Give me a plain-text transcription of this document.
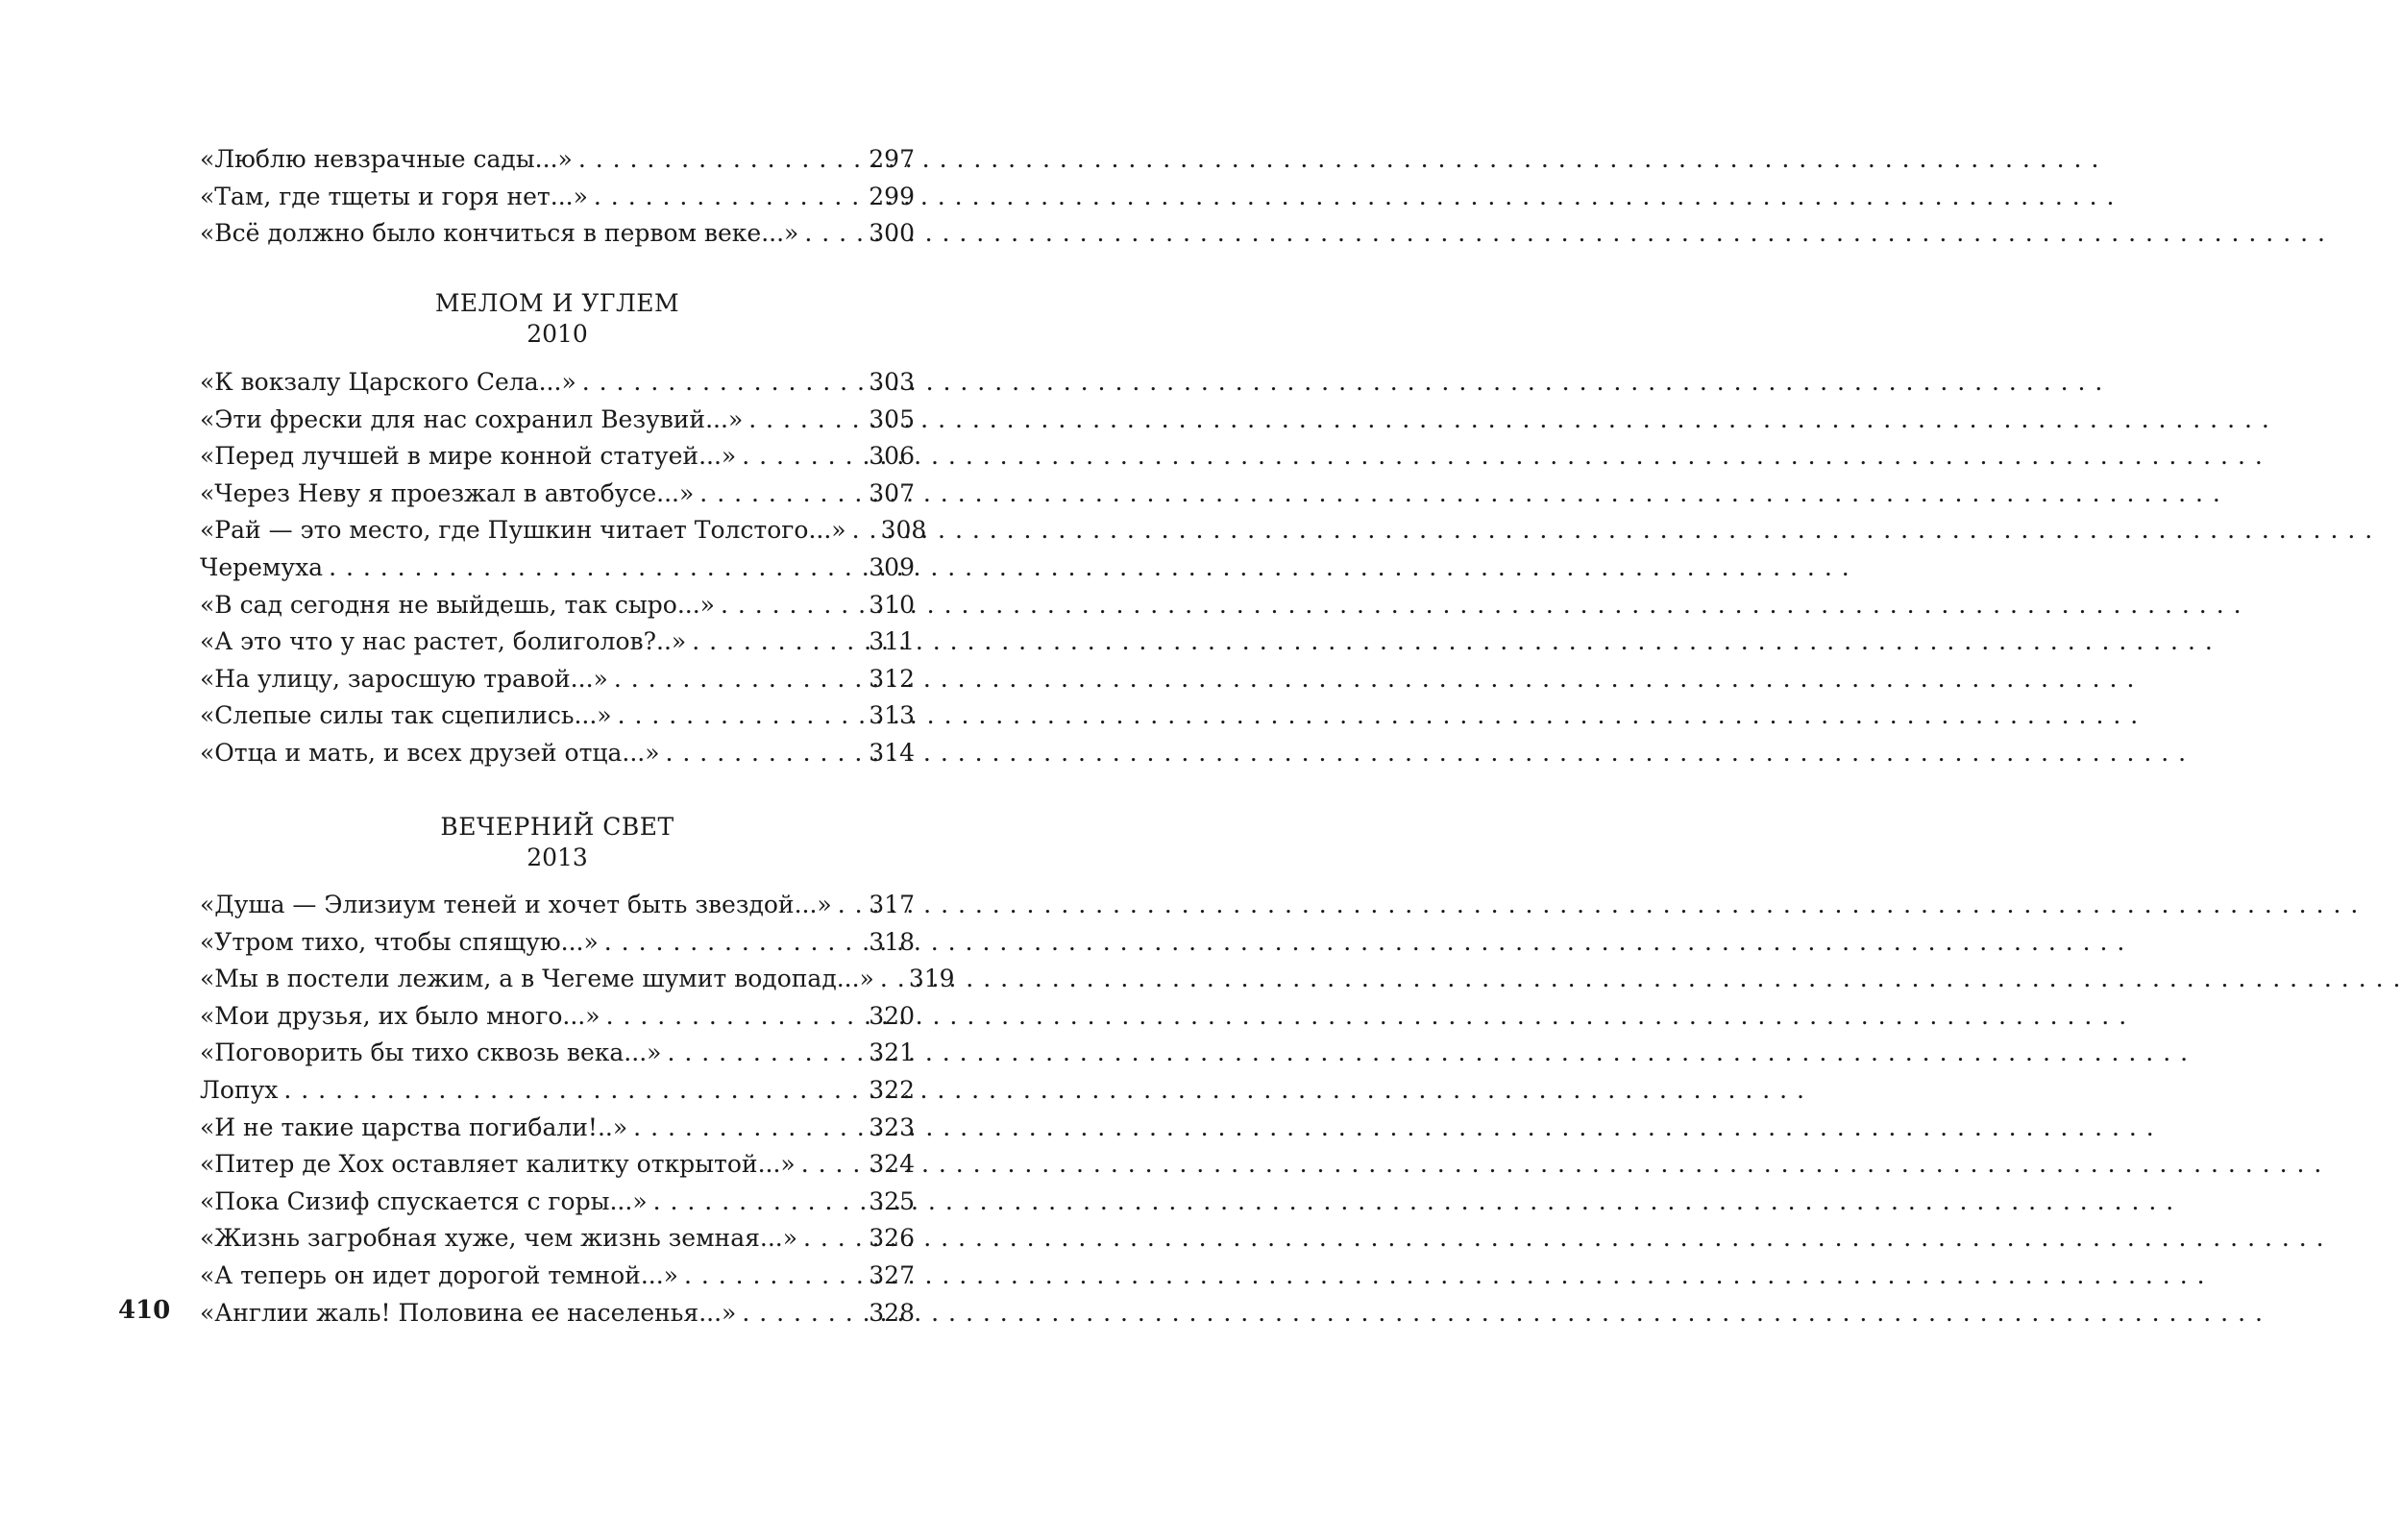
«Люблю невзрачные сады...» . . .	297
«Там, где тщеты и горя нет...» . . .	299
«Всё должно было кончиться в первом веке...» . . .	300
МЕЛОМ И УГЛЕМ
2010
«К вокзалу Царского Села...» . . .	303
«Эти фрески для нас сохранил Везувий...» . . .	305
«Перед лучшей в мире конной статуей...» . . .	306
«Через Неву я проезжал в автобусе...» . . .	307
«Рай — это место, где Пушкин читает Толстого...» . . . 308
Черемуха . . .	309
«В сад сегодня не выйдешь, так сыро...» . . .	310
«А это что у нас растет, болиголов?..» . . .	311
«На улицу, заросшую травой...» . . .	312
«Слепые силы так сцепились...» . . .	313
«Отца и мать, и всех друзей отца...» . . .	314
ВЕЧЕРНИЙ СВЕТ
2013
«Душа — Элизиум теней и хочет быть звездой...» . . . 317
«Утром тихо, чтобы спящую...» . . .	318
«Мы в постели лежим, а в Чегеме шумит водопад...» . . . 319
«Мои друзья, их было много...» . . .	320
«Поговорить бы тихо сквозь века...» . . .	321
Лопух . . .	322
«И не такие царства погибали!..» . . .	323
«Питер де Хох оставляет калитку открытой...» . . .	324
«Пока Сизиф спускается с горы...» . . .	325
«Жизнь загробная хуже, чем жизнь земная...» . . .	326
«А теперь он идет дорогой темной...» . . .	327
«Англии жаль! Половина ее населенья...» . . .	328
410
